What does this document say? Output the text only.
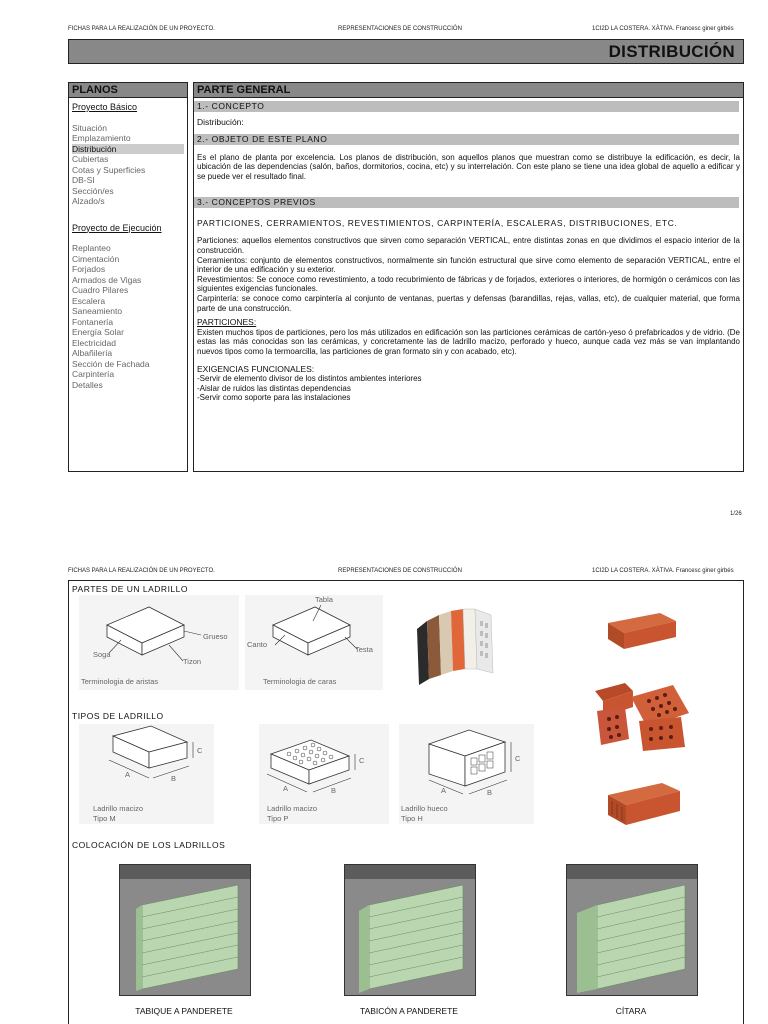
FICHAS PARA LA REALIZACIÓN DE UN PROYECTO.	REPRESENTACIONES DE CONSTRUCCIÓN	1CI2D LA COSTERA. XÀTIVA. Francesc giner girbés
DISTRIBUCIÓN
PLANOS
Proyecto Básico
Situación
Emplazamiento
Distribución
Cubiertas
Cotas y Superficies
DB-SI
Sección/es
Alzado/s
Proyecto de Ejecución
Replanteo
Cimentación
Forjados
Armados de Vigas
Cuadro Pilares
Escalera
Saneamiento
Fontanería
Energía Solar
Electricidad
Albañilería
Sección de Fachada
Carpintería
Detalles
PARTE GENERAL
1.- CONCEPTO
Distribución:
2.- OBJETO DE ESTE PLANO
Es el plano de planta por excelencia. Los planos de distribución, son aquellos planos que muestran como se distribuye la edificación, es decir, la ubicación de las dependencias (salón, baños, dormitorios, cocina, etc) y su interrelación. Con este plano se tiene una idea global de aquello a edificar y se puede ver el resultado final.
3.- CONCEPTOS PREVIOS
PARTICIONES, CERRAMIENTOS, REVESTIMIENTOS, CARPINTERÍA, ESCALERAS, DISTRIBUCIONES, ETC.
Particiones: aquellos elementos constructivos que sirven como separación VERTICAL, entre distintas zonas en que dividimos el espacio interior de la construcción.
Cerramientos: conjunto de elementos constructivos, normalmente sin función estructural que sirve como elemento de separación VERTICAL, entre el interior de una edificación y su exterior.
Revestimientos: Se conoce como revestimiento, a todo recubrimiento de fábricas y de forjados, exteriores o interiores, de hormigón o cerámicos con las siguientes exigencias funcionales.
Carpintería: se conoce como carpintería al conjunto de ventanas, puertas y defensas (barandillas, rejas, vallas, etc), de cualquier material, que forma parte de una construcción.
PARTICIONES:
Existen muchos tipos de particiones, pero los más utilizados en edificación son las particiones cerámicas de cartón-yeso ó prefabricados y de vidrio. (De estas las más conocidas son las cerámicas, y concretamente las de ladrillo macizo, perforado y hueco, aunque cada vez más se van implantando nuevos tipos como la termoarcilla, las particiones de gran formato sin y con acabado, etc).
EXIGENCIAS FUNCIONALES:
-Servir de elemento divisor de los distintos ambientes interiores
-Aislar de ruidos las distintas dependencias
-Servir como soporte para las instalaciones
1/26
FICHAS PARA LA REALIZACIÓN DE UN PROYECTO.	REPRESENTACIONES DE CONSTRUCCIÓN	1CI2D LA COSTERA. XÀTIVA. Francesc giner girbés
PARTES DE UN LADRILLO
TIPOS DE LADRILLO
COLOCACIÓN DE LOS LADRILLOS
Grueso
Soga
Tizon
Terminologia de aristas
Tabla
Canto
Testa
Terminologia de caras
A	B
C
Ladrillo macizo
Tipo M
A	B
C
Ladrillo macizo
Tipo P
A	B
C
Ladrillo hueco
Tipo H
TABIQUE A PANDERETE	TABICÓN A PANDERETE	CÍTARA
